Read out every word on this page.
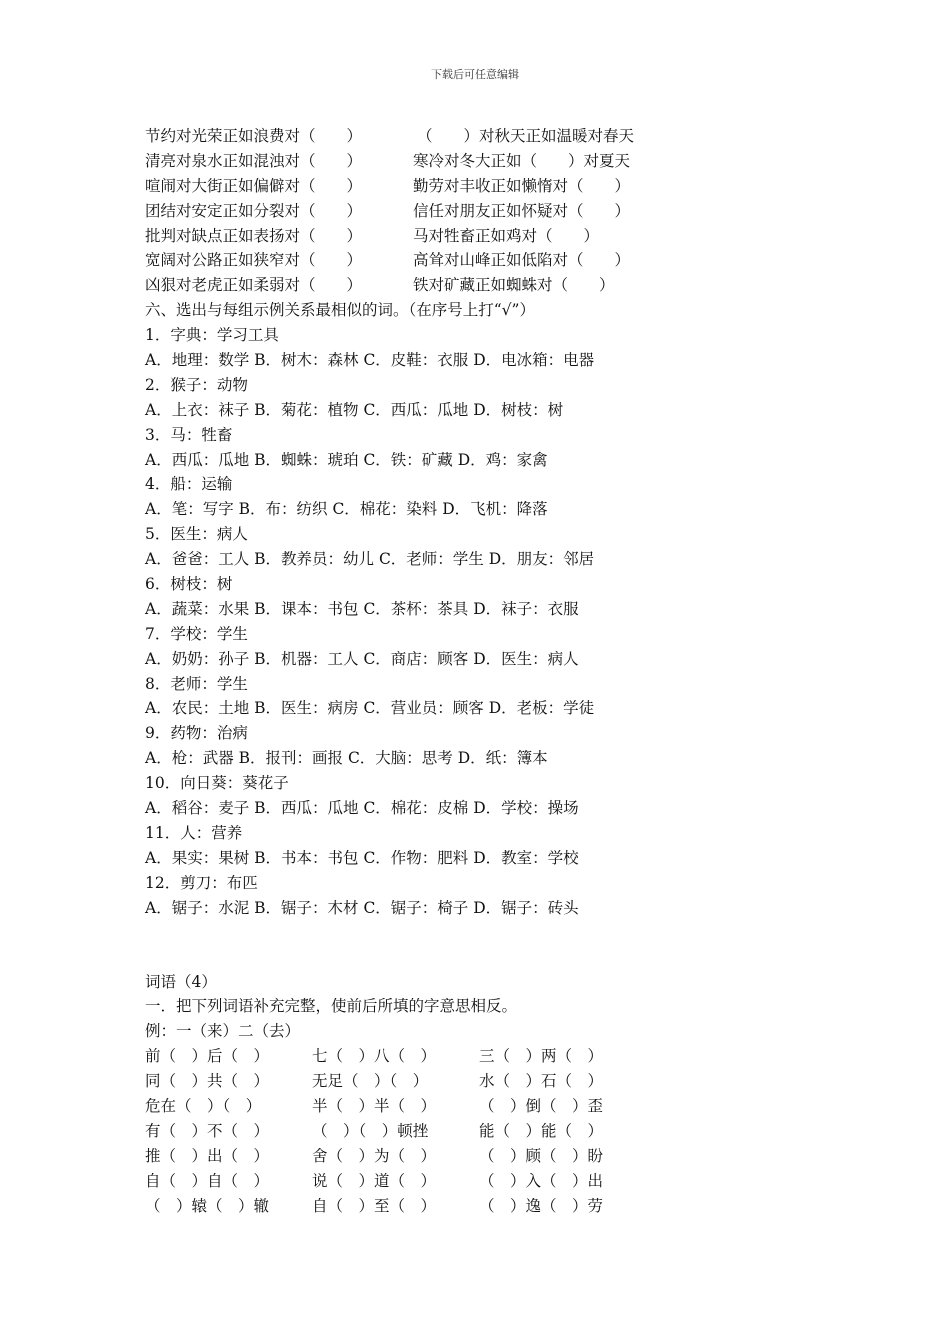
下载后可任意编辑
节约对光荣正如浪费对（　　）	（　　）对秋天正如温暖对春天
清亮对泉水正如混浊对（　　）	寒冷对冬大正如（　　）对夏天
喧闹对大街正如偏僻对（　　）	勤劳对丰收正如懒惰对（　　）
团结对安定正如分裂对（　　）	信任对朋友正如怀疑对（　　）
批判对缺点正如表扬对（　　）	马对牲畜正如鸡对（　　）
宽阔对公路正如狭窄对（　　）	高耸对山峰正如低陷对（　　）
凶狠对老虎正如柔弱对（　　）	铁对矿藏正如蜘蛛对（　　）
六、选出与每组示例关系最相似的词。（在序号上打“√”）
1．字典：学习工具
A．地理：数学 B．树木：森林 C．皮鞋：衣服 D．电冰箱：电器
2．猴子：动物
A．上衣：袜子 B．菊花：植物 C．西瓜：瓜地 D．树枝：树
3．马：牲畜
A．西瓜：瓜地 B．蜘蛛：琥珀 C．铁：矿藏 D．鸡：家禽
4．船：运输
A．笔：写字 B．布：纺织 C．棉花：染料 D．飞机：降落
5．医生：病人
A．爸爸：工人 B．教养员：幼儿 C．老师：学生 D．朋友：邻居
6．树枝：树
A．蔬菜：水果 B．课本：书包 C．茶杯：茶具 D．袜子：衣服
7．学校：学生
A．奶奶：孙子 B．机器：工人 C．商店：顾客 D．医生：病人
8．老师：学生
A．农民：土地 B．医生：病房 C．营业员：顾客 D．老板：学徒
9．药物：治病
A．枪：武器 B．报刊：画报 C．大脑：思考 D．纸：簿本
10．向日葵：葵花子
A．稻谷：麦子 B．西瓜：瓜地 C．棉花：皮棉 D．学校：操场
11．人：营养
A．果实：果树 B．书本：书包 C．作物：肥料 D．教室：学校
12．剪刀：布匹
A．锯子：水泥 B．锯子：木材 C．锯子：椅子 D．锯子：砖头
词语（4）
一．把下列词语补充完整，使前后所填的字意思相反。
例：一（来）二（去）
前（　）后（　）	七（　）八（　）	三（　）两（　）
同（　）共（　）	无足（　）（　）	水（　）石（　）
危在（　）（　）	半（　）半（　）	（　）倒（　）歪
有（　）不（　）	（　）（　）顿挫	能（　）能（　）
推（　）出（　）	舍（　）为（　）	（　）顾（　）盼
自（　）自（　）	说（　）道（　）	（　）入（　）出
（　）辕（　）辙	自（　）至（　）	（　）逸（　）劳
